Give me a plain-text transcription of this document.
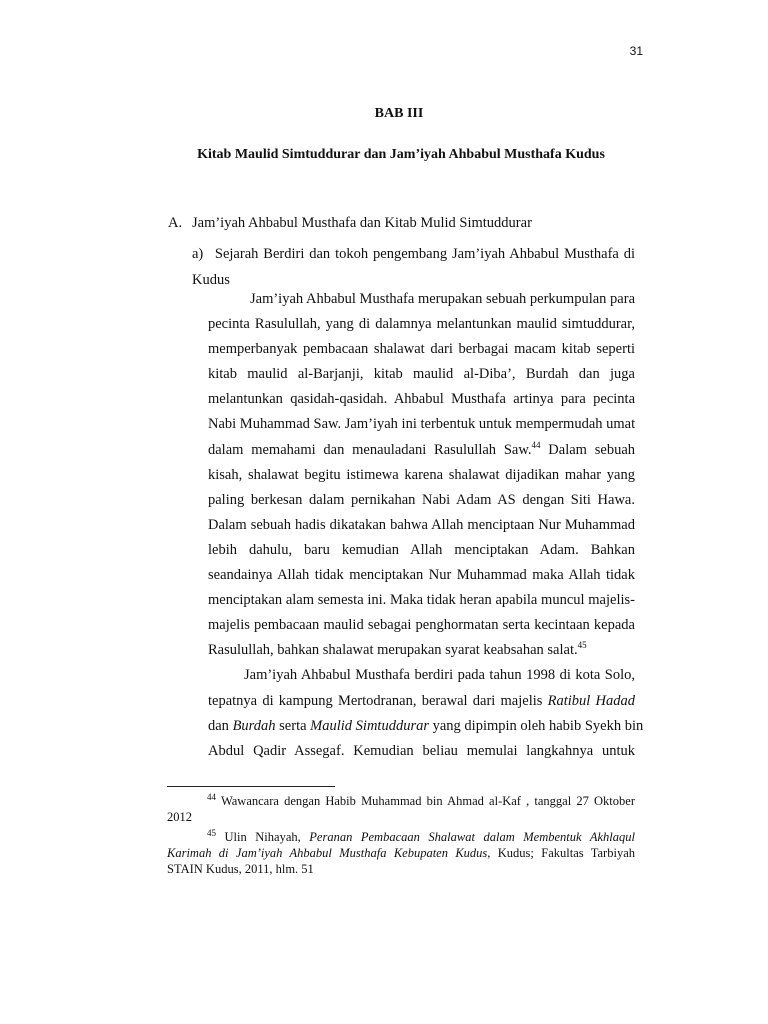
31
BAB III
Kitab Maulid Simtuddurar dan Jam’iyah Ahbabul Musthafa Kudus
A. Jam’iyah Ahbabul Musthafa dan Kitab Mulid Simtuddurar
a) Sejarah Berdiri dan tokoh pengembang Jam’iyah Ahbabul Musthafa di Kudus
Jam’iyah Ahbabul Musthafa merupakan sebuah perkumpulan para
pecinta Rasulullah, yang di dalamnya melantunkan maulid simtuddurar,
memperbanyak pembacaan shalawat dari berbagai macam kitab seperti
kitab maulid al-Barjanji, kitab maulid al-Diba’, Burdah dan juga
melantunkan qasidah-qasidah. Ahbabul Musthafa artinya para pecinta
Nabi Muhammad Saw. Jam’iyah ini terbentuk untuk mempermudah umat
dalam memahami dan menauladani Rasulullah Saw.$^{44}$ Dalam sebuah
kisah, shalawat begitu istimewa karena shalawat dijadikan mahar yang
paling berkesan dalam pernikahan Nabi Adam AS dengan Siti Hawa.
Dalam sebuah hadis dikatakan bahwa Allah menciptaan Nur Muhammad
lebih dahulu, baru kemudian Allah menciptakan Adam. Bahkan
seandainya Allah tidak menciptakan Nur Muhammad maka Allah tidak
menciptakan alam semesta ini. Maka tidak heran apabila muncul majelis-
majelis pembacaan maulid sebagai penghormatan serta kecintaan kepada
Rasulullah, bahkan shalawat merupakan syarat keabsahan salat.$^{45}$
Jam’iyah Ahbabul Musthafa berdiri pada tahun 1998 di kota Solo,
tepatnya di kampung Mertodranan, berawal dari majelis Ratibul Hadad
dan Burdah serta Maulid Simtuddurar yang dipimpin oleh habib Syekh bin
Abdul Qadir Assegaf. Kemudian beliau memulai langkahnya untuk
$^{44}$ Wawancara dengan Habib Muhammad bin Ahmad al-Kaf , tanggal 27 Oktober
2012
$^{45}$ Ulin Nihayah, Peranan Pembacaan Shalawat dalam Membentuk Akhlaqul
Karimah di Jam’iyah Ahbabul Musthafa Kebupaten Kudus, Kudus; Fakultas Tarbiyah
STAIN Kudus, 2011, hlm. 51
